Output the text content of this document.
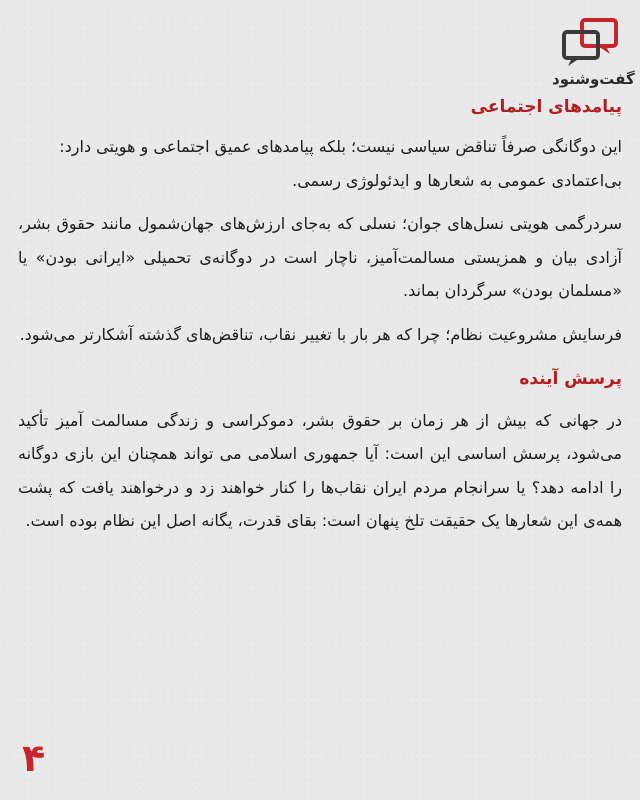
گفت‌وشنود
پیامدهای اجتماعی

این دوگانگی صرفاً تناقض سیاسی نیست؛ بلکه پیامدهای عمیق اجتماعی و هویتی دارد:

بی‌اعتمادی عمومی به شعارها و ایدئولوژی رسمی.

سردرگمی هویتی نسل‌های جوان؛ نسلی که به‌جای ارزش‌های جهان‌شمول مانند حقوق بشر، آزادی بیان و همزیستی مسالمت‌آمیز، ناچار است در دوگانه‌ی تحمیلی «ایرانی بودن» یا «مسلمان بودن» سرگردان بماند.

فرسایش مشروعیت نظام؛ چرا که هر بار با تغییر نقاب، تناقض‌های گذشته آشکارتر می‌شود.

پرسش آینده

در جهانی که بیش از هر زمان بر حقوق بشر، دموکراسی و زندگی مسالمت آمیز تأکید می‌شود، پرسش اساسی این است: آیا جمهوری اسلامی می تواند همچنان این بازی دوگانه را ادامه دهد؟ یا سرانجام مردم ایران نقاب‌ها را کنار خواهند زد و درخواهند یافت که پشت همه‌ی این شعارها یک حقیقت تلخ پنهان است: بقای قدرت، یگانه اصل این نظام بوده است.

۴
